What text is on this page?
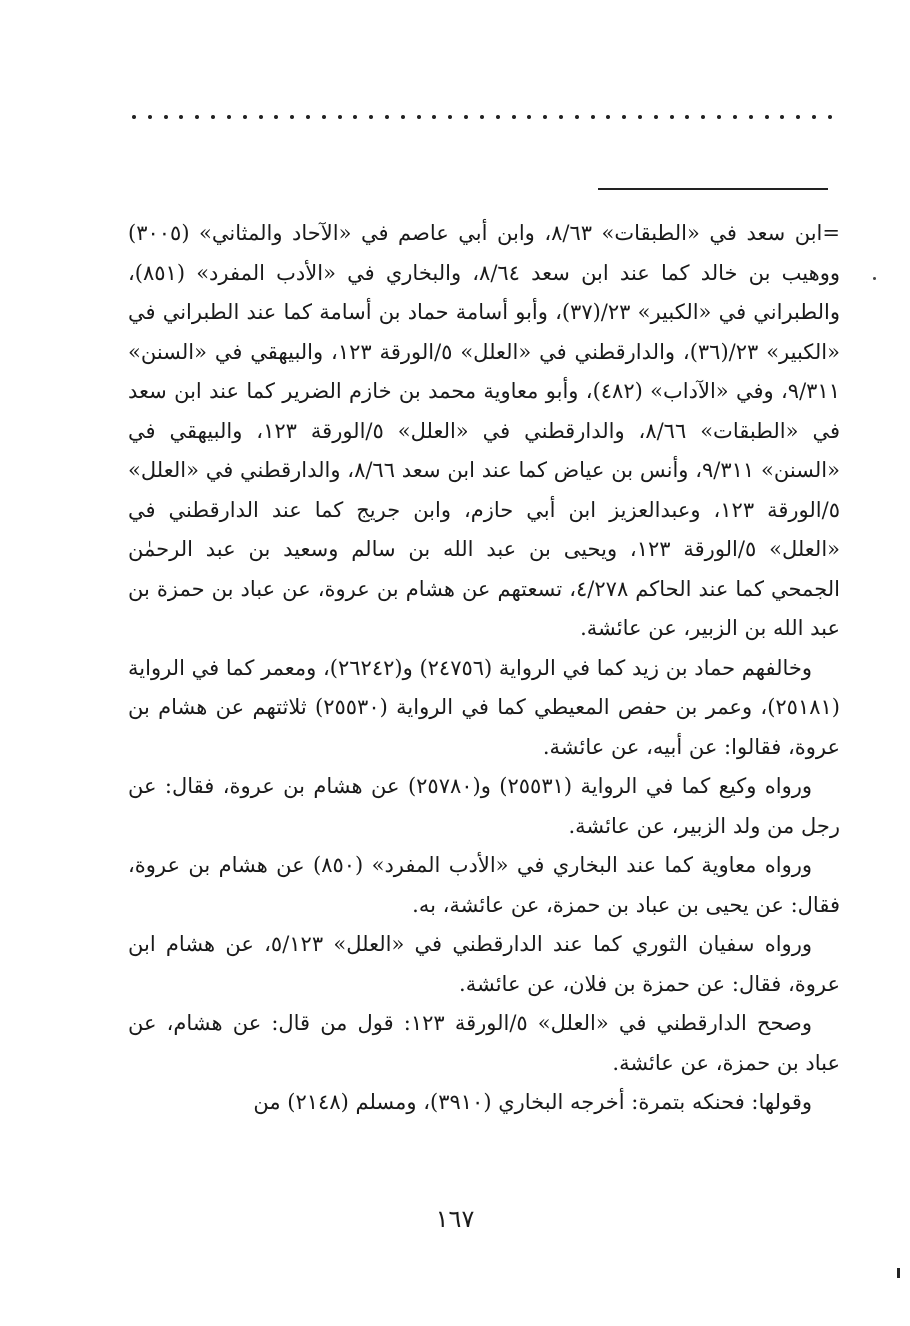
=ابن سعد في «الطبقات» ٨/٦٣، وابن أبي عاصم في «الآحاد والمثاني» (٣٠٠٥) ووهيب بن خالد كما عند ابن سعد ٨/٦٤، والبخاري في «الأدب المفرد» (٨٥١)، والطبراني في «الكبير» ٢٣/(٣٧)، وأبو أسامة حماد بن أسامة كما عند الطبراني في «الكبير» ٢٣/(٣٦)، والدارقطني في «العلل» ٥/الورقة ١٢٣، والبيهقي في «السنن» ٩/٣١١، وفي «الآداب» (٤٨٢)، وأبو معاوية محمد بن خازم الضرير كما عند ابن سعد في «الطبقات» ٨/٦٦، والدارقطني في «العلل» ٥/الورقة ١٢٣، والبيهقي في «السنن» ٩/٣١١، وأنس بن عياض كما عند ابن سعد ٨/٦٦، والدارقطني في «العلل» ٥/الورقة ١٢٣، وعبدالعزيز ابن أبي حازم، وابن جريج كما عند الدارقطني في «العلل» ٥/الورقة ١٢٣، ويحيى بن عبد الله بن سالم وسعيد بن عبد الرحمٰن الجمحي كما عند الحاكم ٤/٢٧٨، تسعتهم عن هشام بن عروة، عن عباد بن حمزة بن عبد الله بن الزبير، عن عائشة.

وخالفهم حماد بن زيد كما في الرواية (٢٤٧٥٦) و(٢٦٢٤٢)، ومعمر كما في الرواية (٢٥١٨١)، وعمر بن حفص المعيطي كما في الرواية (٢٥٥٣٠) ثلاثتهم عن هشام بن عروة، فقالوا: عن أبيه، عن عائشة.

ورواه وكيع كما في الرواية (٢٥٥٣١) و(٢٥٧٨٠) عن هشام بن عروة، فقال: عن رجل من ولد الزبير، عن عائشة.

ورواه معاوية كما عند البخاري في «الأدب المفرد» (٨٥٠) عن هشام بن عروة، فقال: عن يحيى بن عباد بن حمزة، عن عائشة، به.

ورواه سفيان الثوري كما عند الدارقطني في «العلل» ٥/١٢٣، عن هشام ابن عروة، فقال: عن حمزة بن فلان، عن عائشة.

وصحح الدارقطني في «العلل» ٥/الورقة ١٢٣: قول من قال: عن هشام، عن عباد بن حمزة، عن عائشة.

وقولها: فحنكه بتمرة: أخرجه البخاري (٣٩١٠)، ومسلم (٢١٤٨) من

١٦٧
